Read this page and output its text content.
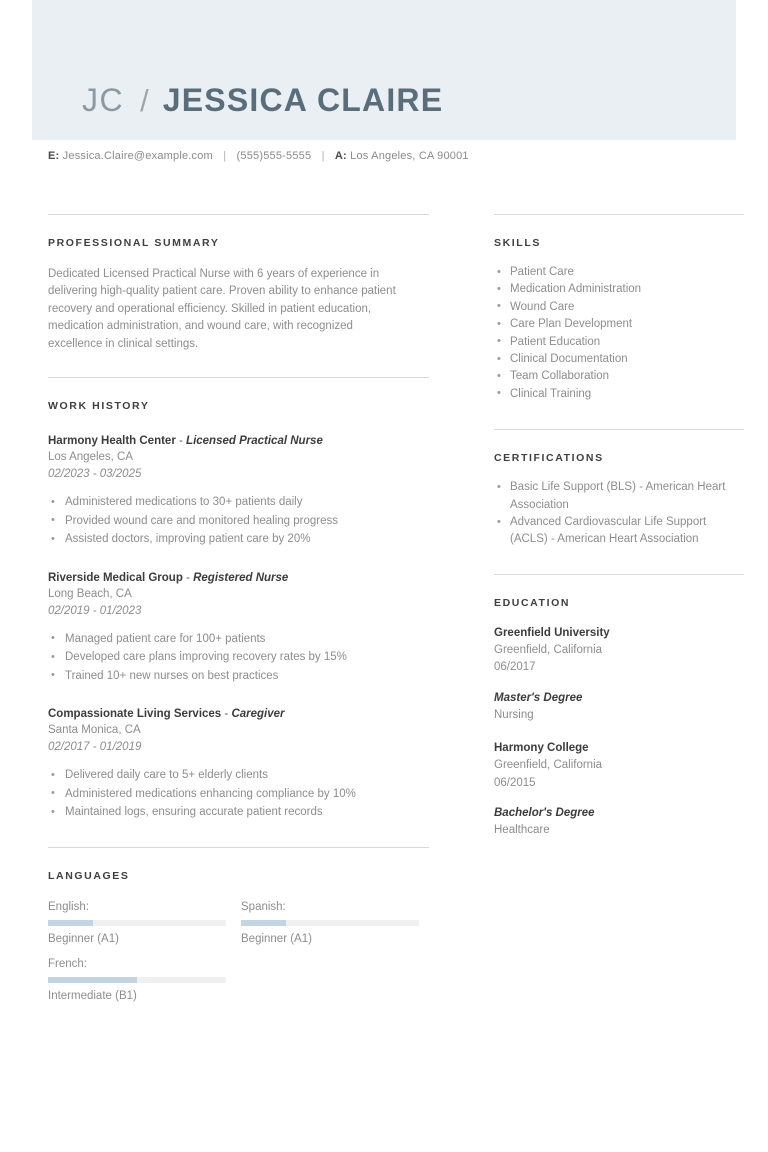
JC / JESSICA CLAIRE
E: Jessica.Claire@example.com | (555)555-5555 | A: Los Angeles, CA 90001
PROFESSIONAL SUMMARY
Dedicated Licensed Practical Nurse with 6 years of experience in delivering high-quality patient care. Proven ability to enhance patient recovery and operational efficiency. Skilled in patient education, medication administration, and wound care, with recognized excellence in clinical settings.
WORK HISTORY
Harmony Health Center - Licensed Practical Nurse
Los Angeles, CA
02/2023 - 03/2025
• Administered medications to 30+ patients daily
• Provided wound care and monitored healing progress
• Assisted doctors, improving patient care by 20%
Riverside Medical Group - Registered Nurse
Long Beach, CA
02/2019 - 01/2023
• Managed patient care for 100+ patients
• Developed care plans improving recovery rates by 15%
• Trained 10+ new nurses on best practices
Compassionate Living Services - Caregiver
Santa Monica, CA
02/2017 - 01/2019
• Delivered daily care to 5+ elderly clients
• Administered medications enhancing compliance by 10%
• Maintained logs, ensuring accurate patient records
LANGUAGES
English:
Beginner (A1)
Spanish:
Beginner (A1)
French:
Intermediate (B1)
SKILLS
• Patient Care
• Medication Administration
• Wound Care
• Care Plan Development
• Patient Education
• Clinical Documentation
• Team Collaboration
• Clinical Training
CERTIFICATIONS
• Basic Life Support (BLS) - American Heart Association
• Advanced Cardiovascular Life Support (ACLS) - American Heart Association
EDUCATION
Greenfield University
Greenfield, California
06/2017
Master's Degree
Nursing
Harmony College
Greenfield, California
06/2015
Bachelor's Degree
Healthcare
